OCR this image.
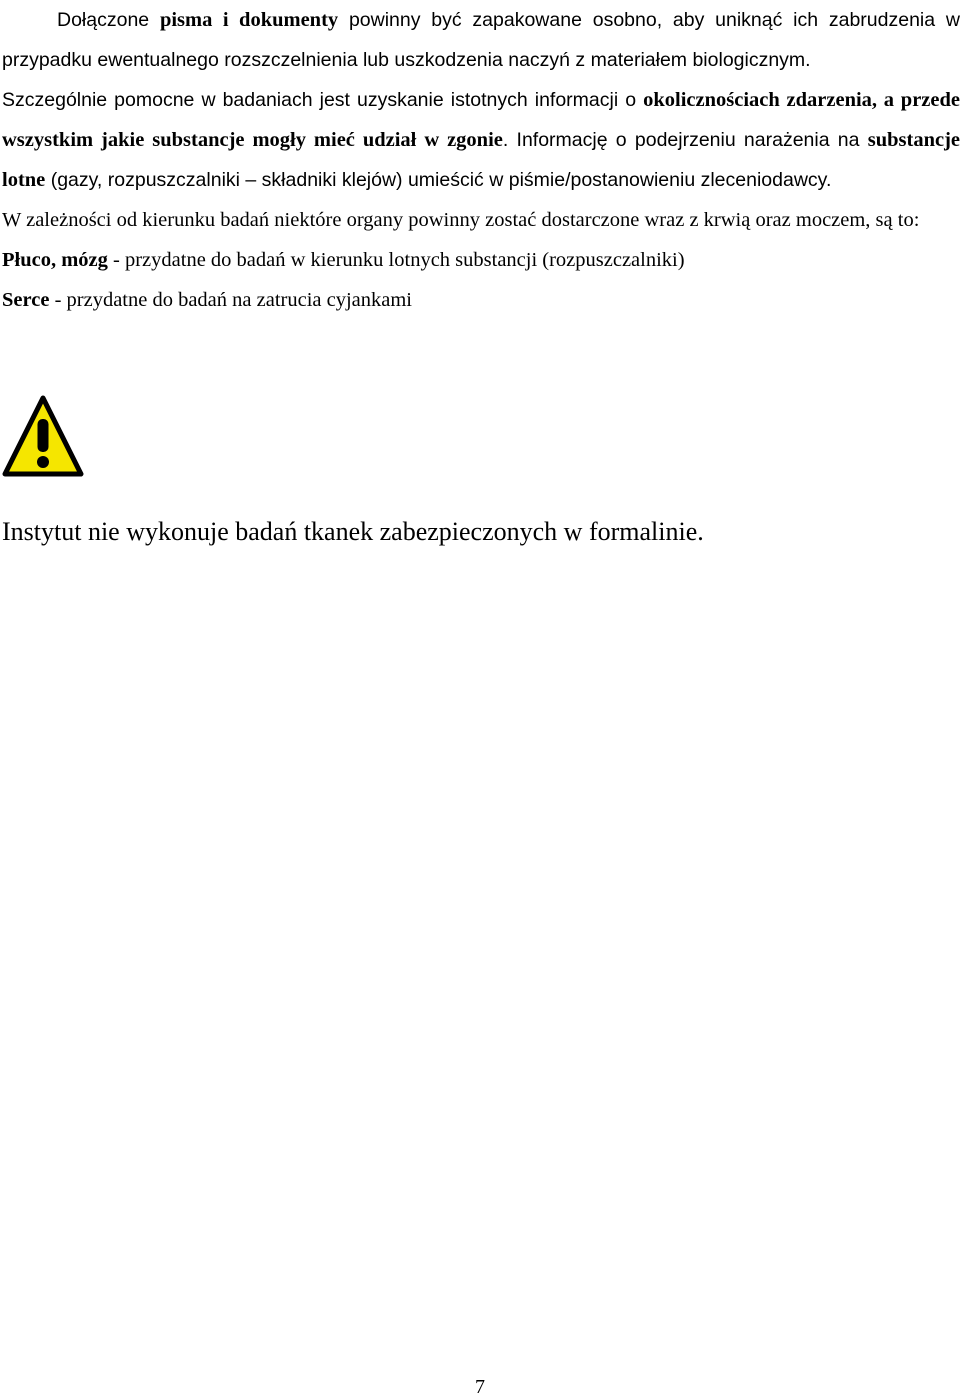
Dołączone pisma i dokumenty powinny być zapakowane osobno, aby uniknąć ich zabrudzenia w przypadku ewentualnego rozszczelnienia lub uszkodzenia naczyń z materiałem biologicznym.

Szczególnie pomocne w badaniach jest uzyskanie istotnych informacji o okolicznościach zdarzenia, a przede wszystkim jakie substancje mogły mieć udział w zgonie. Informację o podejrzeniu narażenia na substancje lotne (gazy, rozpuszczalniki – składniki klejów) umieścić w piśmie/postanowieniu zleceniodawcy.

W zależności od kierunku badań niektóre organy powinny zostać dostarczone wraz z krwią oraz moczem, są to:

Płuco, mózg - przydatne do badań w kierunku lotnych substancji (rozpuszczalniki)

Serce - przydatne do badań na zatrucia cyjankami

Instytut nie wykonuje badań tkanek zabezpieczonych w formalinie.
7
